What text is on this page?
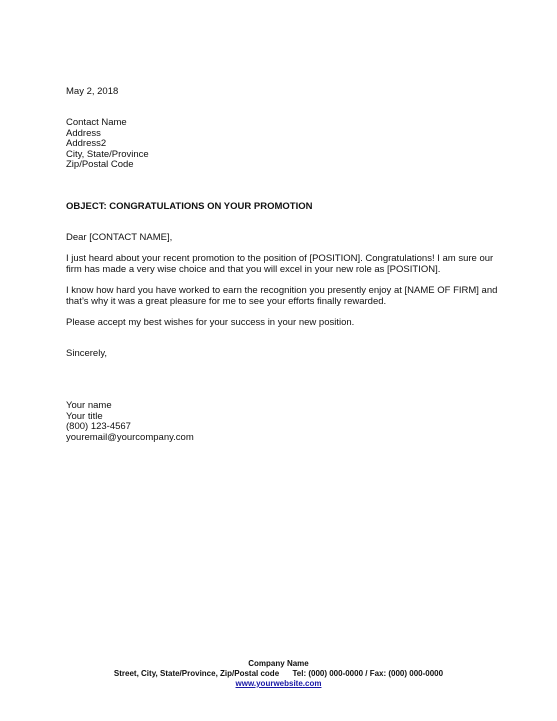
May 2, 2018
Contact Name
Address
Address2
City, State/Province
Zip/Postal Code
OBJECT: CONGRATULATIONS ON YOUR PROMOTION
Dear [CONTACT NAME],
I just heard about your recent promotion to the position of [POSITION]. Congratulations! I am sure our
firm has made a very wise choice and that you will excel in your new role as [POSITION].
I know how hard you have worked to earn the recognition you presently enjoy at [NAME OF FIRM] and
that’s why it was a great pleasure for me to see your efforts finally rewarded.
Please accept my best wishes for your success in your new position.
Sincerely,
Your name
Your title
(800) 123-4567
youremail@yourcompany.com
Company Name
Street, City, State/Province, Zip/Postal code      Tel: (000) 000-0000 / Fax: (000) 000-0000
www.yourwebsite.com
